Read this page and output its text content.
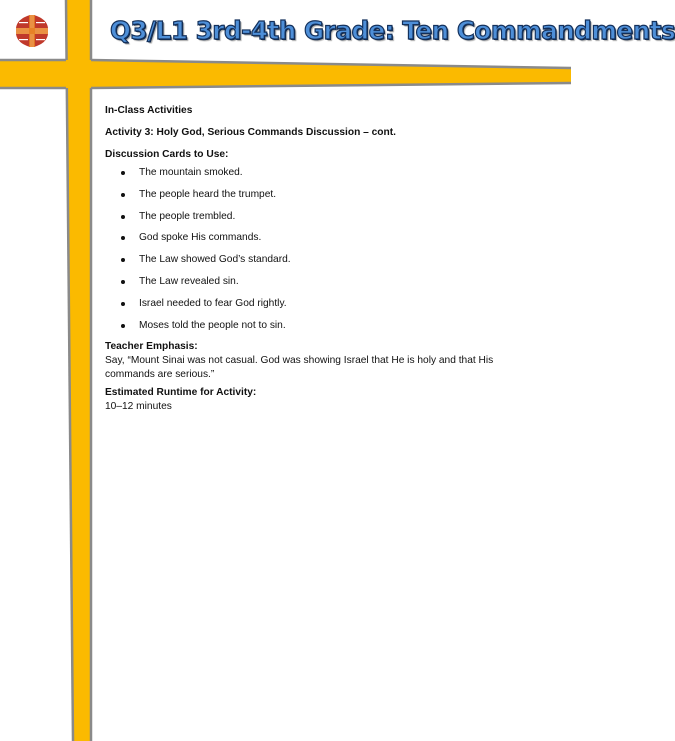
Q3/L1 3rd-4th Grade: Ten Commandments
In-Class Activities
Activity 3: Holy God, Serious Commands Discussion – cont.
Discussion Cards to Use:
The mountain smoked.
The people heard the trumpet.
The people trembled.
God spoke His commands.
The Law showed God’s standard.
The Law revealed sin.
Israel needed to fear God rightly.
Moses told the people not to sin.
Teacher Emphasis:
Say, “Mount Sinai was not casual. God was showing Israel that He is holy and that His commands are serious.”
Estimated Runtime for Activity:
10–12 minutes
